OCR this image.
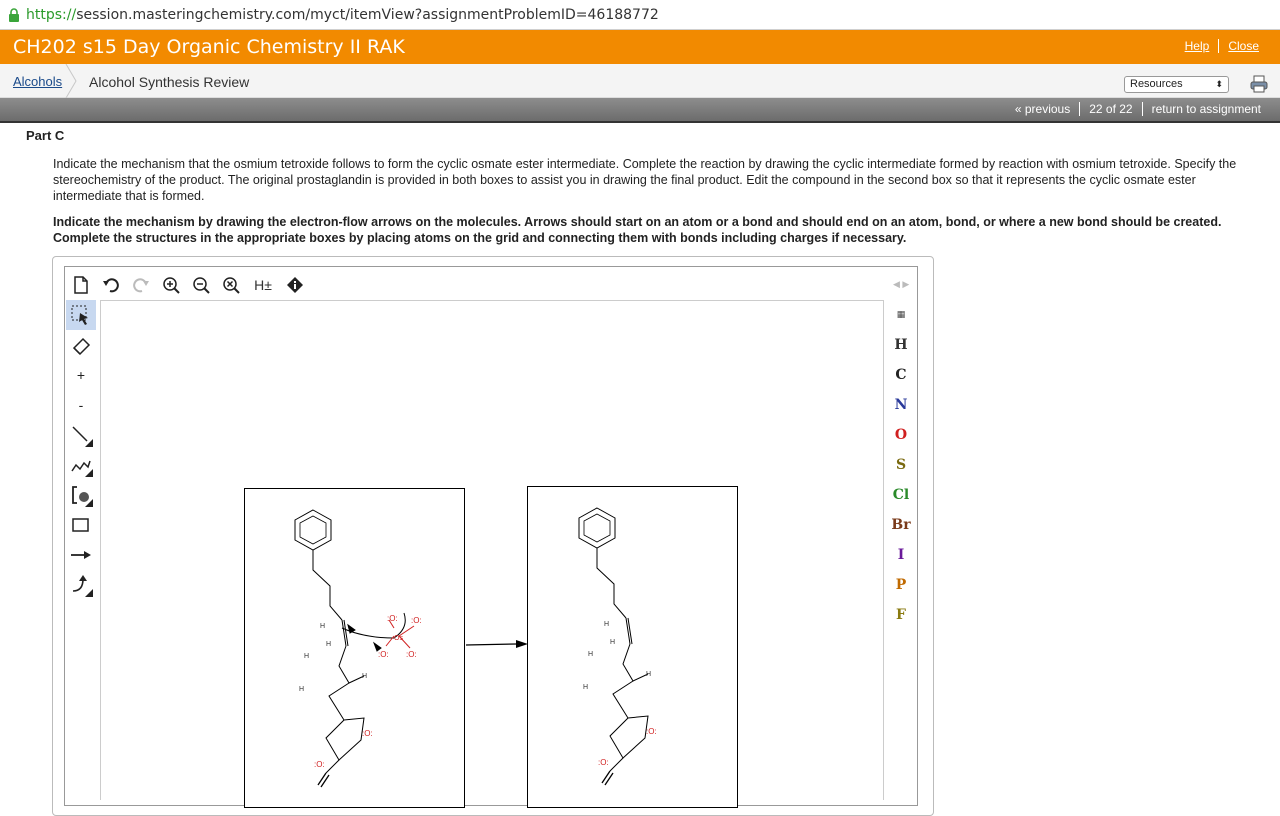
https:// session.masteringchemistry.com/myct/itemView?assignmentProblemID=46188772
CH202 s15 Day Organic Chemistry II RAK	Help	Close
Alcohols Alcohol Synthesis Review	Resources	⬍
« previous	22 of 22	return to assignment
Part C
Indicate the mechanism that the osmium tetroxide follows to form the cyclic osmate ester intermediate. Complete the reaction by drawing the cyclic intermediate formed by reaction with osmium tetroxide. Specify the stereochemistry of the product. The original prostaglandin is provided in both boxes to assist you in drawing the final product. Edit the compound in the second box so that it represents the cyclic osmate ester intermediate that is formed.
Indicate the mechanism by drawing the electron-flow arrows on the molecules. Arrows should start on an atom or a bond and should end on an atom, bond, or where a new bond should be created. Complete the structures in the appropriate boxes by placing atoms on the grid and connecting them with bonds including charges if necessary.
H±	◀ ▶
+
-
▦
H
C
N
O
S
Cl
Br
I
P
F
:O: :O:
:O: :O:
Os
:O:
:O:
H
H
H
H
H
:O:
:O:
H
H
H
H
H
